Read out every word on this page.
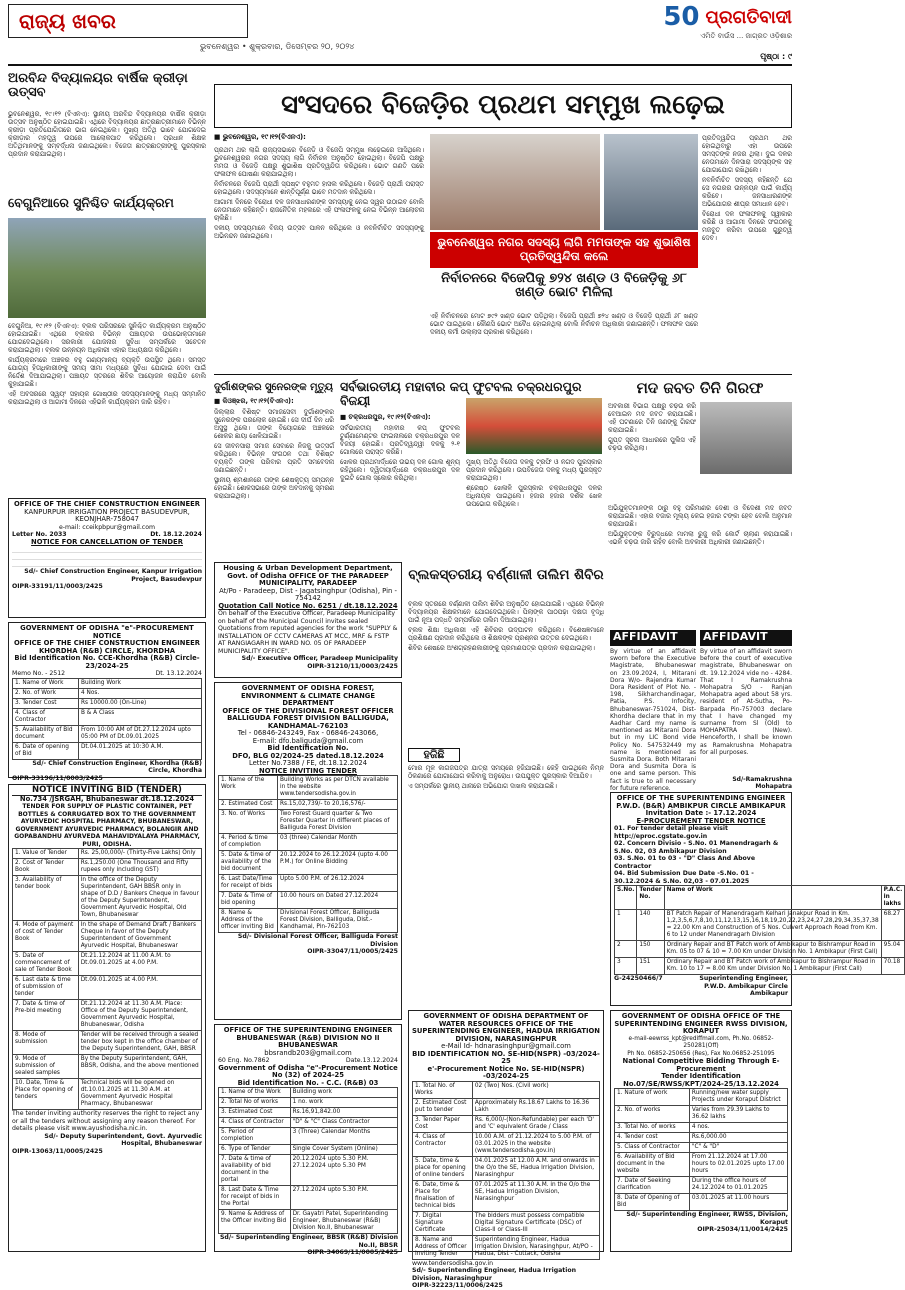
ରାଜ୍ୟ ଖବର
ଭୁବନେଶ୍ୱର • ଶୁକ୍ରବାର, ଡିସେମ୍ବର ୨୦, ୨୦୨୪
50 ପ୍ରଗତିବାଦୀ
ଏମିତି ବାଉଁସ ... ଜାଗ୍ରତ ଓଡ଼ିଶାର
ପୃଷ୍ଠା : ୯
ଅରବିନ୍ଦ ବିଦ୍ୟାଳୟର ବାର୍ଷିକ କ୍ରୀଡ଼ା ଉତ୍ସବ

ଭୁବନେଶ୍ୱର, ୧୯।୧୨ (ବିଏନଏ): ସ୍ଥାନୀୟ ଅରବିନ୍ଦ ବିଦ୍ୟାଳୟର ବାର୍ଷିକ କ୍ରୀଡ଼ା ଉତ୍ସବ ଅନୁଷ୍ଠିତ ହୋଇଯାଇଛି। ଏଥିରେ ବିଦ୍ୟାଳୟର ଛାତ୍ରଛାତ୍ରୀମାନେ ବିଭିନ୍ନ କ୍ରୀଡ଼ା ପ୍ରତିଯୋଗିତାରେ ଭାଗ ନେଇଥିଲେ। ମୁଖ୍ୟ ଅତିଥି ଭାବେ ଯୋଗଦେଇ କ୍ରୀଡ଼ାର ମହତ୍ତ୍ୱ ଉପରେ ଆଲୋକପାତ କରିଥିଲେ। ପ୍ରଧାନ ଶିକ୍ଷକ ଅତିଥିମାନଙ୍କୁ ସମ୍ବର୍ଦ୍ଧନା ଜଣାଇଥିଲେ। ବିଜେତା ଛାତ୍ରଛାତ୍ରୀଙ୍କୁ ପୁରସ୍କାର ପ୍ରଦାନ କରାଯାଇଥିଲା।

ବେଗୁନିଆରେ ସୁନିଶ୍ଚିତ କାର୍ଯ୍ୟକ୍ରମ

ବେଗୁନିଆ, ୧୯।୧୨ (ବିଏନଏ): ବ୍ଲକ ପରିସରରେ ସୁନିଶ୍ଚିତ କାର୍ଯ୍ୟକ୍ରମ ଅନୁଷ୍ଠିତ ହୋଇଯାଇଛି। ଏଥିରେ ବ୍ଲକର ବିଭିନ୍ନ ପଞ୍ଚାୟତର ଉପଭୋକ୍ତାମାନେ ଯୋଗଦେଇଥିଲେ। ସରକାରୀ ଯୋଜନାର ସୁବିଧା ସମ୍ପର୍କରେ ସଚେତନ କରାଯାଇଥିଲା। ବ୍ଲକ ଉନ୍ନୟନ ଅଧିକାରୀ ଏହାର ଅଧ୍ୟକ୍ଷତା କରିଥିଲେ।

କାର୍ଯ୍ୟକ୍ରମରେ ଅଞ୍ଚଳର ବହୁ ଗଣ୍ୟମାନ୍ୟ ବ୍ୟକ୍ତି ଉପସ୍ଥିତ ଥିଲେ। ସମସ୍ତ ଯୋଗ୍ୟ ହିତାଧିକାରୀଙ୍କୁ ସମୟ ସୀମା ମଧ୍ୟରେ ସୁବିଧା ଯୋଗାଇ ଦେବା ପାଇଁ ନିର୍ଦ୍ଦେଶ ଦିଆଯାଇଥିଲା। ପଞ୍ଚାୟତ ସ୍ତରରେ ଶିବିର ଆୟୋଜନ କରାଯିବ ବୋଲି କୁହାଯାଇଛି।

ଏହି ଅବସରରେ ସ୍ୱୟଂ ସହାୟକ ଗୋଷ୍ଠୀର ସଦସ୍ୟମାନଙ୍କୁ ମଧ୍ୟ ସମ୍ମାନିତ କରାଯାଇଥିଲା ଓ ଆଗାମୀ ଦିନରେ ଏହିଭଳି କାର୍ଯ୍ୟକ୍ରମ ଜାରି ରହିବ।

ସଂସଦରେ ବିଜେଡ଼ିର ପ୍ରଥମ ସମ୍ମୁଖ ଲଢ଼େଇ
■ ଭୁବନେଶ୍ୱର, ୧୯।୧୨(ବିଏନଏ):

ପ୍ରଥମ ଥର ଲାଗି ରାଜ୍ୟସଭାରେ ବିଜେଡ଼ି ଓ ବିଜେପି ସମ୍ମୁଖ ଲଢ଼େଇରେ ଆସିଥିଲେ। ଭୁବନେଶ୍ୱରର ନଗର ସଦସ୍ୟ ଲାଗି ନିର୍ବାଚନ ଅନୁଷ୍ଠିତ ହୋଇଥିଲା। ବିଜେପି ପକ୍ଷରୁ ମମତା ଓ ବିଜେଡ଼ି ପକ୍ଷରୁ ଶୁଭାଶିଷ ପ୍ରତିଦ୍ୱନ୍ଦିତା କରିଥିଲେ। ଭୋଟ ଗଣତି ପରେ ଫଳାଫଳ ଘୋଷଣା କରାଯାଇଥିଲା।

ନିର୍ବାଚନରେ ବିଜେପି ପ୍ରାର୍ଥୀ ସ୍ପଷ୍ଟ ବହୁମତ ହାସଲ କରିଥିଲେ। ବିଜେଡ଼ି ପ୍ରାର୍ଥୀ ପରାସ୍ତ ହୋଇଥିଲେ। ସଦସ୍ୟମାନେ ଶାନ୍ତିପୂର୍ଣ୍ଣ ଭାବେ ମତଦାନ କରିଥିଲେ।

ଆଗାମୀ ଦିନରେ ବିରୋଧୀ ଦଳ ଜନସାଧାରଣଙ୍କ ସମସ୍ୟାକୁ ନେଇ ସ୍ୱର ଉଠାଇବ ବୋଲି ନେତାମାନେ କହିଛନ୍ତି। ରାଜନୈତିକ ମହଲରେ ଏହି ଫଳାଫଳକୁ ନେଇ ବିଭିନ୍ନ ଆଲୋଚନା ଚାଲିଛି।

ଦଳୀୟ ସଦସ୍ୟମାନେ ବିଜୟ ଉତ୍ସବ ପାଳନ କରିଥିଲେ ଓ ନବନିର୍ବାଚିତ ସଦସ୍ୟଙ୍କୁ ଅଭିନନ୍ଦନ ଜଣାଇଥିଲେ।

ପ୍ରତିଦ୍ୱନ୍ଦିତା ପ୍ରଥମ ଥର ହୋଇଥିବାରୁ ଏହା ଉପରେ ସମସ୍ତଙ୍କ ନଜର ଥିଲା। ଦୁଇ ଦଳର ନେତାମାନେ ଦିନସାରା ସଦସ୍ୟଙ୍କ ସହ ଯୋଗାଯୋଗ ରଖିଥିଲେ।

ନବନିର୍ବାଚିତ ସଦସ୍ୟ କହିଛନ୍ତି ଯେ ସେ ନଗରର ଉନ୍ନୟନ ପାଇଁ କାର୍ଯ୍ୟ କରିବେ। ଜନସାଧାରଣଙ୍କ ଅଭିଯୋଗର ଶୀଘ୍ର ସମାଧାନ ହେବ।

ବିରୋଧୀ ଦଳ ଫଳାଫଳକୁ ସ୍ୱୀକାର କରିଛି ଓ ଆଗାମୀ ଦିନରେ ସଂଗଠନକୁ ମଜବୁତ କରିବା ଉପରେ ଗୁରୁତ୍ୱ ଦେବ।

ଭୁବନେଶ୍ୱର ନଗର ସଦସ୍ୟ ଲାଗି ମମତାଙ୍କ ସହ ଶୁଭାଶିଷ ପ୍ରତିଦ୍ୱନ୍ଦିତା କଲେ
ନିର୍ବାଚନରେ ବିଜେପିକୁ ୭୨୪ ଖଣ୍ଡ ଓ ବିଜେଡ଼ିକୁ ୬୮ ଖଣ୍ଡ ଭୋଟ ମିଳିଲା

ଏହି ନିର୍ବାଚନରେ ମୋଟ ୭୯୨ ଖଣ୍ଡ ଭୋଟ ପଡ଼ିଥିଲା। ବିଜେପି ପ୍ରାର୍ଥୀ ୭୨୪ ଖଣ୍ଡ ଓ ବିଜେଡ଼ି ପ୍ରାର୍ଥୀ ୬୮ ଖଣ୍ଡ ଭୋଟ ପାଇଥିଲେ। କୌଣସି ଭୋଟ ଅବୈଧ ହୋଇନଥିଲା ବୋଲି ନିର୍ବାଚନ ଅଧିକାରୀ ଜଣାଇଛନ୍ତି। ଫଳାଫଳ ପରେ ଦଳୀୟ କର୍ମୀ ଉଲ୍ଲାସ ପ୍ରକାଶ କରିଥିଲେ।

ଦୁର୍ଗାଶଙ୍କର ସୁନେରଙ୍କ ମୃତ୍ୟୁ
■ କିଓଞ୍ଝର, ୧୯।୧୨(ବିଏନଏ):

ଜିଲ୍ଲାର ବିଶିଷ୍ଟ ସମାଜସେବୀ ଦୁର୍ଗାଶଙ୍କର ସୁନେରଙ୍କ ପରଲୋକ ହୋଇଛି। ସେ ଦୀର୍ଘ ଦିନ ଧରି ଅସୁସ୍ଥ ଥିଲେ। ତାଙ୍କ ବିୟୋଗରେ ଅଞ୍ଚଳରେ ଶୋକର ଛାୟା ଖେଳିଯାଇଛି।

ସେ ଜୀବନସାରା ସମାଜ ସେବାରେ ନିଜକୁ ଉତ୍ସର୍ଗ କରିଥିଲେ। ବିଭିନ୍ନ ସଂଗଠନ ତଥା ବିଶିଷ୍ଟ ବ୍ୟକ୍ତି ତାଙ୍କ ପରିବାର ପ୍ରତି ସମବେଦନା ଜଣାଇଛନ୍ତି।

ସ୍ଥାନୀୟ ଶ୍ମଶାନରେ ତାଙ୍କ ଶେଷକୃତ୍ୟ ସମ୍ପନ୍ନ ହୋଇଛି। ଶୋକସଭାରେ ତାଙ୍କ ଅବଦାନକୁ ସ୍ମରଣ କରାଯାଇଥିଲା।

ସର୍ବଭାରତୀୟ ମହାବୀର କପ୍ ଫୁଟବଲ ଚକ୍ରଧରପୁର ବିଜୟୀ
■ ଚକ୍ରଧରପୁର, ୧୯।୧୨(ବିଏନଏ):

ସର୍ବଭାରତୀୟ ମହାବୀର କପ୍ ଫୁଟବଲ ଟୁର୍ଣ୍ଣାମେଣ୍ଟର ଫାଇନାଲରେ ଚକ୍ରଧରପୁର ଦଳ ବିଜୟୀ ହୋଇଛି। ପ୍ରତିଦ୍ୱନ୍ଦ୍ୱୀ ଦଳକୁ ୨-୧ ଗୋଲରେ ପରାସ୍ତ କରିଛି।

ଖେଳର ପ୍ରଥମାର୍ଦ୍ଧରେ ଉଭୟ ଦଳ ଗୋଲ ଶୂନ୍ୟ ରହିଥିଲେ। ଦ୍ୱିତୀୟାର୍ଦ୍ଧରେ ଚକ୍ରଧରପୁର ଦଳ ଦୁଇଟି ଗୋଲ ସ୍କୋର କରିଥିଲା।

ମୁଖ୍ୟ ଅତିଥି ବିଜେତା ଦଳକୁ ଟ୍ରଫି ଓ ନଗଦ ପୁରସ୍କାର ପ୍ରଦାନ କରିଥିଲେ। ଉପବିଜେତା ଦଳକୁ ମଧ୍ୟ ପୁରସ୍କୃତ କରାଯାଇଥିଲା।

ଶ୍ରେଷ୍ଠ ଖେଳାଳି ପୁରସ୍କାର ଚକ୍ରଧରପୁର ଦଳର ଅଧିନାୟକ ପାଇଥିଲେ। ହଜାର ହଜାର ଦର୍ଶକ ଖେଳ ଉପଭୋଗ କରିଥିଲେ।

ମଦ ଜବତ ତିନି ଗିରଫ

ଅବକାରୀ ବିଭାଗ ପକ୍ଷରୁ ଚଢ଼ଉ କରି ବେଆଇନ ମଦ ଜବତ କରାଯାଇଛି। ଏହି ଘଟଣାରେ ତିନି ଜଣଙ୍କୁ ଗିରଫ କରାଯାଇଛି।

ଗୁପ୍ତ ସୂଚନା ଆଧାରରେ ପୁଲିସ ଏହି ଚଢ଼ଉ କରିଥିଲା।

ଅଭିଯୁକ୍ତମାନଙ୍କ ଠାରୁ ବହୁ ପରିମାଣର ଦେଶୀ ଓ ବିଦେଶୀ ମଦ ଜବତ କରାଯାଇଛି। ଏହାର ବଜାର ମୂଲ୍ୟ କେଇ ହଜାର ଟଙ୍କା ହେବ ବୋଲି ଅନୁମାନ କରାଯାଉଛି।

ଅଭିଯୁକ୍ତଙ୍କ ବିରୁଦ୍ଧରେ ମାମଲା ରୁଜୁ କରି କୋର୍ଟ ଚାଲାଣ କରାଯାଇଛି। ଏଭଳି ଚଢ଼ଉ ଜାରି ରହିବ ବୋଲି ଅବକାରୀ ଅଧିକାରୀ ଜଣାଇଛନ୍ତି।

ବ୍ଲକସ୍ତରୀୟ ବର୍ଣ୍ଣାଳୀ ତାଲିମ ଶିବିର

ବ୍ଲକ ସ୍ତରରେ ବର୍ଣ୍ଣାଳୀ ତାଲିମ ଶିବିର ଅନୁଷ୍ଠିତ ହୋଇଯାଇଛି। ଏଥିରେ ବିଭିନ୍ନ ବିଦ୍ୟାଳୟର ଶିକ୍ଷକମାନେ ଯୋଗଦେଇଥିଲେ। ପିଲାଙ୍କ ପାଠପଢ଼ା ଦକ୍ଷତା ବୃଦ୍ଧି ପାଇଁ ନୂଆ ପଦ୍ଧତି ସମ୍ପର୍କରେ ତାଲିମ ଦିଆଯାଇଥିଲା।

ବ୍ଲକ ଶିକ୍ଷା ଅଧିକାରୀ ଏହି ଶିବିରର ଉଦ୍‌ଘାଟନ କରିଥିଲେ। ବିଶେଷଜ୍ଞମାନେ ପ୍ରଶିକ୍ଷଣ ପ୍ରଦାନ କରିଥିଲେ ଓ ଶିକ୍ଷକଙ୍କ ପ୍ରଶ୍ନର ଉତ୍ତର ଦେଇଥିଲେ।

ଶିବିର ଶେଷରେ ଅଂଶଗ୍ରହଣକାରୀଙ୍କୁ ପ୍ରମାଣପତ୍ର ପ୍ରଦାନ କରାଯାଇଥିଲା।

ହଜିଛି

ମୋର ମୂଳ କାଗଜପତ୍ର ଯାତ୍ରା ସମୟରେ ହଜିଯାଇଛି। କେହି ପାଇଥିଲେ ନିମ୍ନ ଠିକଣାରେ ଯୋଗାଯୋଗ କରିବାକୁ ଅନୁରୋଧ। ଉପଯୁକ୍ତ ପୁରସ୍କାର ଦିଆଯିବ।

ଏ ସମ୍ପର୍କରେ ସ୍ଥାନୀୟ ଥାନାରେ ଅଭିଯୋଗ ଦାଖଲ କରାଯାଇଛି।

AFFIDAVIT
By virtue of an affidavit sworn before the Executive Magistrate, Bhubaneswar on 23.09.2024, I, Mitarani Dora W/o- Rajendra Kumar Dora Resident of Plot No. - 198, Sikharchandinagar, Patia, P.S. Infocity, Bhubaneswar-751024, Dist-Khordha declare that in my Aadhar Card my name is mentioned as Mitarani Dora but in my LIC Bond vide Policy No. 547532449 my name is mentioned as Susmita Dora. Both Mitarani Dora and Susmita Dora is one and same person. This fact is true to all necessary for future reference.
AFFIDAVIT
By virtue of an affidavit sworn before the court of executive magistrate, Bhubaneswar on dt. 19.12.2024 vide no - 4284. That I Ramakrushna Mohapatra S/O - Ranjan Mohapatra aged about 58 yrs. resident of At-Sutha, Po-Barpada Pin-757003 declare that I have changed my surname from Sl (Old) to MOHAPATRA (New). Henceforth, I shall be known as Ramakrushna Mohapatra for all purposes.
Sd/-Ramakrushna Mohapatra
OFFICE OF THE CHIEF CONSTRUCTION ENGINEER
KANPURPUR IRRIGATION PROJECT BASUDEVPUR, KEONJHAR-758047
e-mail: cceikpbpur@gmail.com
Letter No. 2033	Dt. 18.12.2024
NOTICE FOR CANCELLATION OF TENDER
Sd/- Chief Construction Engineer, Kanpur Irrigation Project, Basudevpur
OIPR-33191/11/0003/2425
GOVERNMENT OF ODISHA "e"-PROCUREMENT NOTICE
OFFICE OF THE CHIEF CONSTRUCTION ENGINEER KHORDHA (R&B) CIRCLE, KHORDHA
Bid Identification No. CCE-Khordha (R&B) Circle-23/2024-25
Memo No. - 2512	Dt. 13.12.2024
1. Name of Work	Building Work
2. No. of Work	4 Nos.
3. Tender Cost	Rs 10000.00 (On-Line)
4. Class of Contractor	B & A Class
5. Availability of Bid document	From 10:00 AM of Dt.27.12.2024 upto 05:00 PM of Dt.09.01.2025
6. Date of opening of Bid	Dt.04.01.2025 at 10:30 A.M.
Sd/- Chief Construction Engineer, Khordha (R&B) Circle, Khordha
OIPR-33196/11/0003/2425
NOTICE INVITING BID (TENDER)
No.734 /JSRGAH, Bhubaneswar dt.18.12.2024
TENDER FOR SUPPLY OF PLASTIC CONTAINER, PET BOTTLES & CORRUGATED BOX TO THE GOVERNMENT AYURVEDIC HOSPITAL PHARMACY, BHUBANESWAR, GOVERNMENT AYURVEDIC PHARMACY, BOLANGIR AND GOPABANDHU AYURVEDA MAHAVIDYALAYA PHARMACY, PURI, ODISHA.
1. Value of Tender	Rs. 25,00,000/- (Thirty-Five Lakhs) Only
2. Cost of Tender Book	Rs.1,250.00 (One Thousand and Fifty rupees only including GST)
3. Availability of tender book	In the office of the Deputy Superintendent, GAH BBSR only in shape of D.D / Bankers Cheque in favour of the Deputy Superintendent, Government Ayurvedic Hospital, Old Town, Bhubaneswar
4. Mode of payment of cost of Tender Book	In the shape of Demand Draft / Bankers Cheque in favor of the Deputy Superintendent of Government Ayurvedic Hospital, Bhubaneswar
5. Date of commencement of sale of Tender Book	Dt.21.12.2024 at 11.00 A.M. to Dt.09.01.2025 at 4.00 P.M.
6. Last date & time of submission of tender	Dt.09.01.2025 at 4.00 P.M.
7. Date & time of Pre-bid meeting	Dt.21.12.2024 at 11.30 A.M. Place: Office of the Deputy Superintendent, Government Ayurvedic Hospital, Bhubaneswar, Odisha
8. Mode of submission	Tender will be received through a sealed tender box kept in the office chamber of the Deputy Superintendent, GAH, BBSR
9. Mode of submission of sealed samples	By the Deputy Superintendent, GAH, BBSR, Odisha, and the above mentioned
10. Date, Time & Place for opening of tenders	Technical bids will be opened on dt.10.01.2025 at 11.30 A.M. at Government Ayurvedic Hospital Pharmacy, Bhubaneswar
The tender inviting authority reserves the right to reject any or all the tenders without assigning any reason thereof. For details please visit www.ayushodisha.nic.in.
Sd/- Deputy Superintendent, Govt. Ayurvedic Hospital, Bhubaneswar
OIPR-13063/11/0005/2425
Housing & Urban Development Department, Govt. of Odisha OFFICE OF THE PARADEEP MUNICIPALITY, PARADEEP
At/Po - Paradeep, Dist - Jagatsinghpur (Odisha), Pin - 754142
Quotation Call Notice No. 6251 / dt.18.12.2024
On behalf of the Executive Officer, Paradeep Municipality on behalf of the Municipal Council invites sealed Quotations from reputed agencies for the work "SUPPLY & INSTALLATION OF CCTV CAMERAS AT MCC, MRF & FSTP AT RANGIAGARH IN WARD NO. 05 OF PARADEEP MUNICIPALITY OFFICE".
Sd/- Executive Officer, Paradeep Municipality
OIPR-31210/11/0003/2425
GOVERNMENT OF ODISHA FOREST, ENVIRONMENT & CLIMATE CHANGE DEPARTMENT
OFFICE OF THE DIVISIONAL FOREST OFFICER BALLIGUDA FOREST DIVISION BALLIGUDA, KANDHAMAL-762103
Tel - 06846-243249, Fax - 06846-243066,
E-mail: dfo.baliguda@gmail.com
Bid Identification No.
DFO, BLG 02/2024-25 dated.18.12.2024
Letter No.7388 / FE, dt.18.12.2024
NOTICE INVITING TENDER
1. Name of the Work	Building Works as per DTCN available in the website www.tendersodisha.gov.in
2. Estimated Cost	Rs.15,02,739/- to 20,16,576/-
3. No. of Works	Two Forest Guard quarter & Two Forester Quarter in different places of Balliguda Forest Division
4. Period & time of completion	03 (three) Calendar Month
5. Date & time of availability of the bid document	20.12.2024 to 26.12.2024 (upto 4.00 P.M.) for Online Bidding
6. Last Date/Time for receipt of bids	Upto 5.00 P.M. of 26.12.2024
7. Date & Time of bid opening	10.00 hours on Dated 27.12.2024
8. Name & Address of the officer inviting Bid	Divisional Forest Officer, Balliguda Forest Division, Balliguda, Dist.-Kandhamal, Pin-762103
Sd/- Divisional Forest Officer, Balliguda Forest Division
OIPR-33047/11/0005/2425
OFFICE OF THE SUPERINTENDING ENGINEER BHUBANESWAR (R&B) DIVISION NO II BHUBANESWAR
bbsrandb203@gmail.com
60 Eng. No.7862	Date.13.12.2024
Government of Odisha "e"-Procurement Notice No (32) of 2024-25
Bid Identification No. - C.C. (R&B) 03
1. Name of the Work	Building work
2. Total No of works	1 no. work
3. Estimated Cost	Rs.16,91,842.00
4. Class of Contractor	"D" & "C" Class Contractor
5. Period of completion	3 (Three) Calendar Months
6. Type of Tender	Single Cover System (Online)
7. Date & time of availability of bid document in the portal	20.12.2024 upto 5.30 P.M. 27.12.2024 upto 5.30 PM
8. Last Date & Time for receipt of bids in the Portal	27.12.2024 upto 5.30 P.M.
9. Name & Address of the Officer inviting Bid	Dr. Gayatri Patel, Superintending Engineer, Bhubaneswar (R&B) Division No.II, Bhubaneswar
Sd/- Superintending Engineer, BBSR (R&B) Division No.II, BBSR
OIPR-34069/11/0005/2425
OFFICE OF THE SUPERINTENDING ENGINEER
P.W.D. (B&R) AMBIKPUR CIRCLE AMBIKAPUR
Invitation Date :- 17.12.2024
E-PROCUREMENT TENDER NOTICE
01. For tender detail please visit http://eproc.cgstate.gov.in
02. Concern Divisio - S.No. 01 Manendragarh & S.No. 02, 03 Ambikapur Division
03. S.No. 01 to 03 - "D" Class And Above Contractor
04. Bid Submission Due Date -S.No. 01 - 30.12.2024 & S.No. 02,03 - 07.01.2025
S.No.	Tender No.	Name of Work	P.A.C. in lakhs
1	140	BT Patch Repair of Manendragarh Kelhari Janakpur Road in Km. 1,2,3,5,6,7,8,10,11,12,13,15,16,18,19,20,22,23,24,27,28,29,34,35,37,38 = 22.00 Km and Construction of 5 Nos. Culvert Approach Road from Km. 6 to 12 under Manendragarh Division	68.27
2	150	Ordinary Repair and BT Patch work of Ambikapur to Bishrampur Road in Km. 05 to 07 & 10 = 7.00 Km under Division No. 1 Ambikapur (First Call)	95.04
3	151	Ordinary Repair and BT Patch work of Ambikapur to Bishrampur Road in Km. 10 to 17 = 8.00 Km under Division No. 1 Ambikapur (First Call)	70.18
G-24250466/7	Superintending Engineer, P.W.D. Ambikapur Circle Ambikapur
GOVERNMENT OF ODISHA DEPARTMENT OF WATER RESOURCES OFFICE OF THE SUPERINTENDING ENGINEER, HADUA IRRIGATION DIVISION, NARASINGHPUR
e-Mail Id- hdnarasinghpur@gmail.com
BID IDENTIFICATION NO. SE-HID(NSPR) -03/2024-25
e'-Procurement Notice No. SE-HID(NSPR) -03/2024-25
1. Total No. of Works	02 (Two) Nos. (Civil work)
2. Estimated Cost put to tender	Approximately Rs.18.67 Lakhs to 16.36 Lakh
3. Tender Paper Cost	Rs. 6,000/-(Non-Refundable) per each 'D' and 'C' equivalent Grade / Class
4. Class of Contractor	10.00 A.M. of 21.12.2024 to 5.00 P.M. of 03.01.2025 in the website (www.tendersodisha.gov.in)
5. Date, time & place for opening of online tenders	04.01.2025 at 12.00 A.M. and onwards in the O/o the SE, Hadua Irrigation Division, Narasinghpur
6. Date, time & Place for finalisation of technical bids	07.01.2025 at 11.30 A.M. in the O/o the SE, Hadua Irrigation Division, Narasinghpur
7. Digital Signature Certificate	The bidders must possess compatible Digital Signature Certificate (DSC) of Class-II or Class-III
8. Name and Address of Officer Inviting Tender	Superintending Engineer, Hadua Irrigation Division, Narasinghpur, At/PO - Hadua, Dist - Cuttack, Odisha
www.tendersodisha.gov.in
Sd/- Superintending Engineer, Hadua Irrigation Division, Narasinghpur
OIPR-32223/11/0006/2425
GOVERNMENT OF ODISHA OFFICE OF THE SUPERINTENDING ENGINEER RWSS DIVISION, KORAPUT
e-mail-eewrss_kpt@rediffmail.com, Ph.No. 06852-250281(Off)
Ph No. 06852-250656 (Res), Fax No.06852-251095
National Competitive Bidding Through E-Procurement
Tender Identification No.07/SE/RWSS/KPT/2024-25/13.12.2024
1. Nature of work	Running/new water supply Projects under Koraput District
2. No. of works	Varies from 29.39 Lakhs to 36.62 lakhs
3. Total No. of works	4 nos.
4. Tender cost	Rs.6,000.00
5. Class of Contractor	"C" & "D"
6. Availability of Bid document in the website	From 21.12.2024 at 17.00 hours to 02.01.2025 upto 17.00 hours
7. Date of Seeking clarification	During the office hours of 24.12.2024 to 01.01.2025
8. Date of Opening of Bid	03.01.2025 at 11.00 hours
Sd/- Superintending Engineer, RWSS, Division, Koraput
OIPR-25034/11/0014/2425
